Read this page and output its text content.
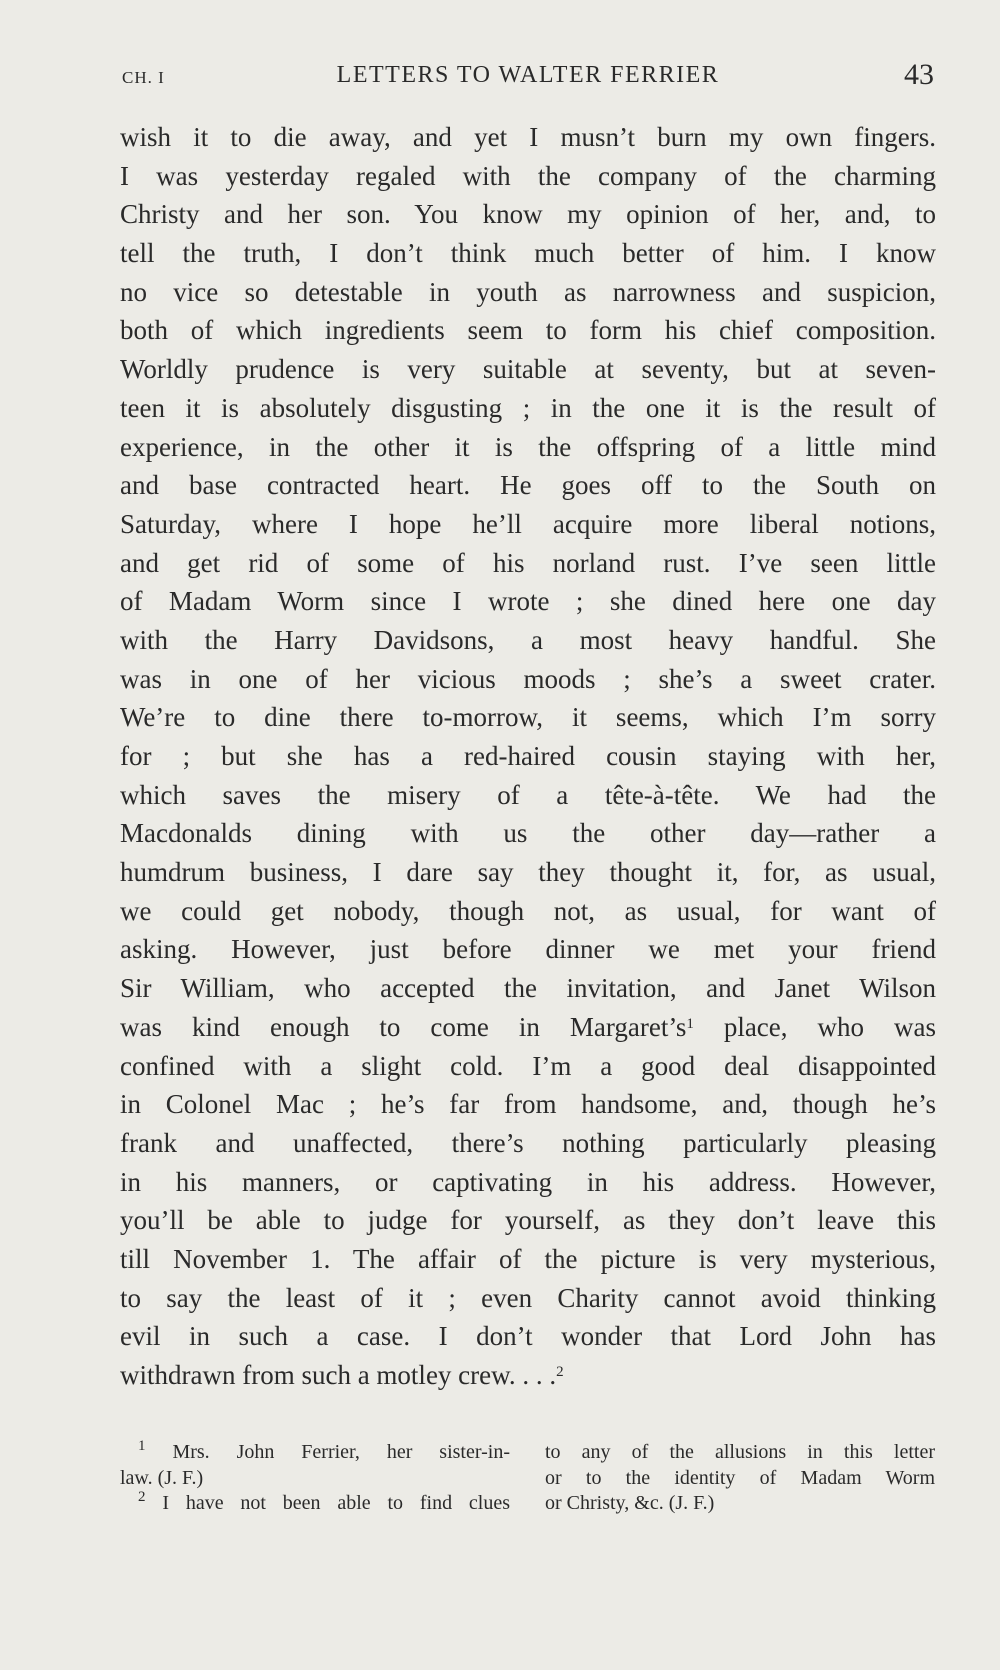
CH. I	LETTERS TO WALTER FERRIER	43
wish it to die away, and yet I musn’t burn my own fingers.
I was yesterday regaled with the company of the charming
Christy and her son. You know my opinion of her, and, to
tell the truth, I don’t think much better of him. I know
no vice so detestable in youth as narrowness and suspicion,
both of which ingredients seem to form his chief composition.
Worldly prudence is very suitable at seventy, but at seven-
teen it is absolutely disgusting ; in the one it is the result of
experience, in the other it is the offspring of a little mind
and base contracted heart. He goes off to the South on
Saturday, where I hope he’ll acquire more liberal notions,
and get rid of some of his norland rust. I’ve seen little
of Madam Worm since I wrote ; she dined here one day
with the Harry Davidsons, a most heavy handful. She
was in one of her vicious moods ; she’s a sweet crater.
We’re to dine there to-morrow, it seems, which I’m sorry
for ; but she has a red-haired cousin staying with her,
which saves the misery of a tête-à-tête. We had the
Macdonalds dining with us the other day—rather a
humdrum business, I dare say they thought it, for, as usual,
we could get nobody, though not, as usual, for want of
asking. However, just before dinner we met your friend
Sir William, who accepted the invitation, and Janet Wilson
was kind enough to come in $Margaret’s^1$ place, who was
confined with a slight cold. I’m a good deal disappointed
in Colonel Mac ; he’s far from handsome, and, though he’s
frank and unaffected, there’s nothing particularly pleasing
in his manners, or captivating in his address. However,
you’ll be able to judge for yourself, as they don’t leave this
till November 1. The affair of the picture is very mysterious,
to say the least of it ; even Charity cannot avoid thinking
evil in such a case. I don’t wonder that Lord John has
withdrawn from such a motley crew. . . .$^2$
$^1$ Mrs. John Ferrier, her sister-in-
law. (J. F.)
$^2$ I have not been able to find clues
to any of the allusions in this letter
or to the identity of Madam Worm
or Christy, &c. (J. F.)
